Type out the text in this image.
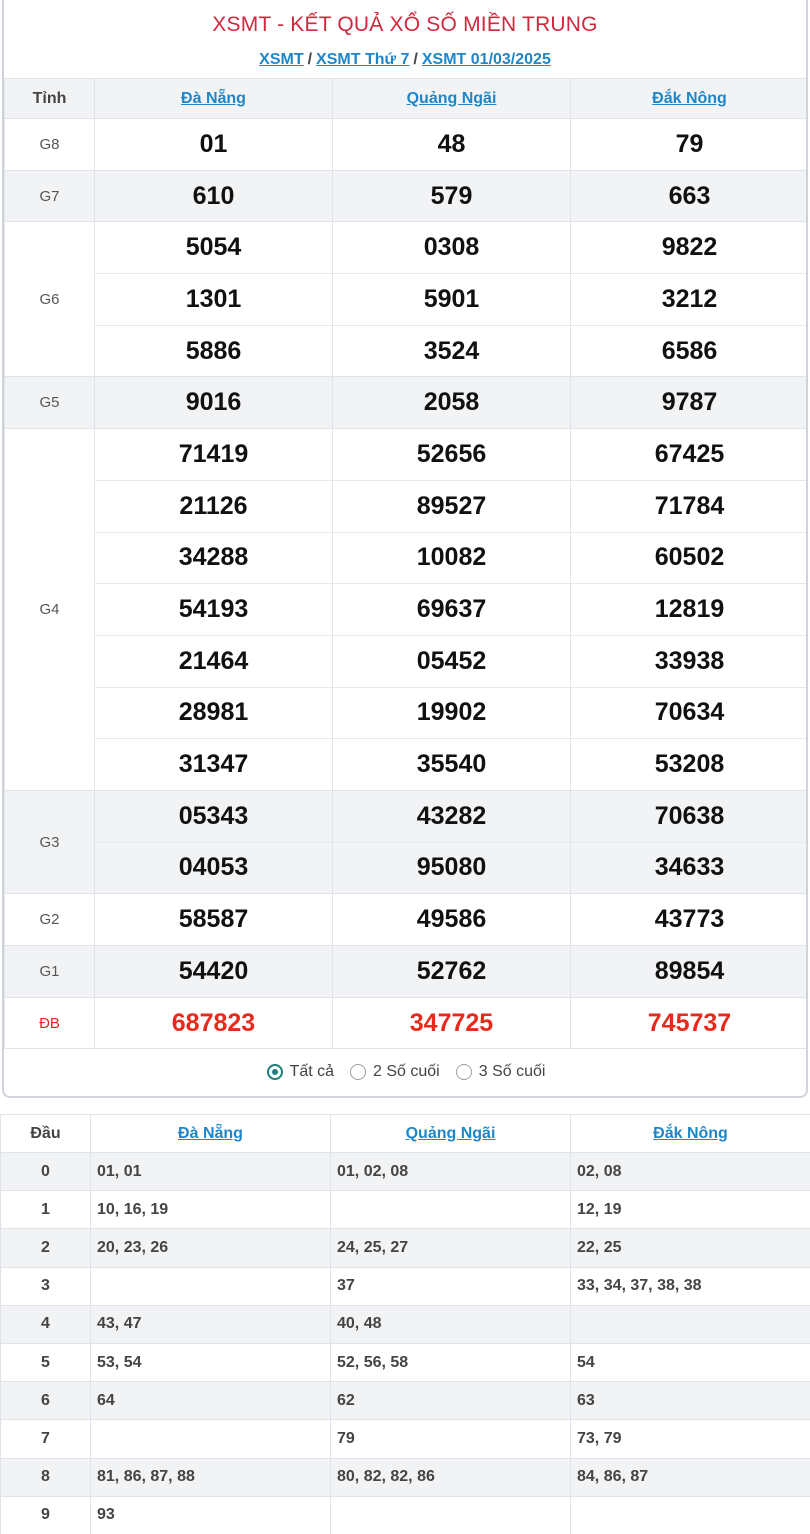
XSMT - KẾT QUẢ XỔ SỐ MIỀN TRUNG
XSMT / XSMT Thứ 7 / XSMT 01/03/2025
Tỉnh	Đà Nẵng	Quảng Ngãi	Đắk Nông
G8	01	48	79
G7	610	579	663
G6	5054	0308	9822
	1301	5901	3212
	5886	3524	6586
G5	9016	2058	9787
G4	71419	52656	67425
	21126	89527	71784
	34288	10082	60502
	54193	69637	12819
	21464	05452	33938
	28981	19902	70634
	31347	35540	53208
G3	05343	43282	70638
	04053	95080	34633
G2	58587	49586	43773
G1	54420	52762	89854
ĐB	687823	347725	745737
Tất cả 2 Số cuối 3 Số cuối
Đầu	Đà Nẵng	Quảng Ngãi	Đắk Nông
0	01, 01	01, 02, 08	02, 08
1	10, 16, 19		12, 19
2	20, 23, 26	24, 25, 27	22, 25
3		37	33, 34, 37, 38, 38
4	43, 47	40, 48	
5	53, 54	52, 56, 58	54
6	64	62	63
7		79	73, 79
8	81, 86, 87, 88	80, 82, 82, 86	84, 86, 87
9	93		
